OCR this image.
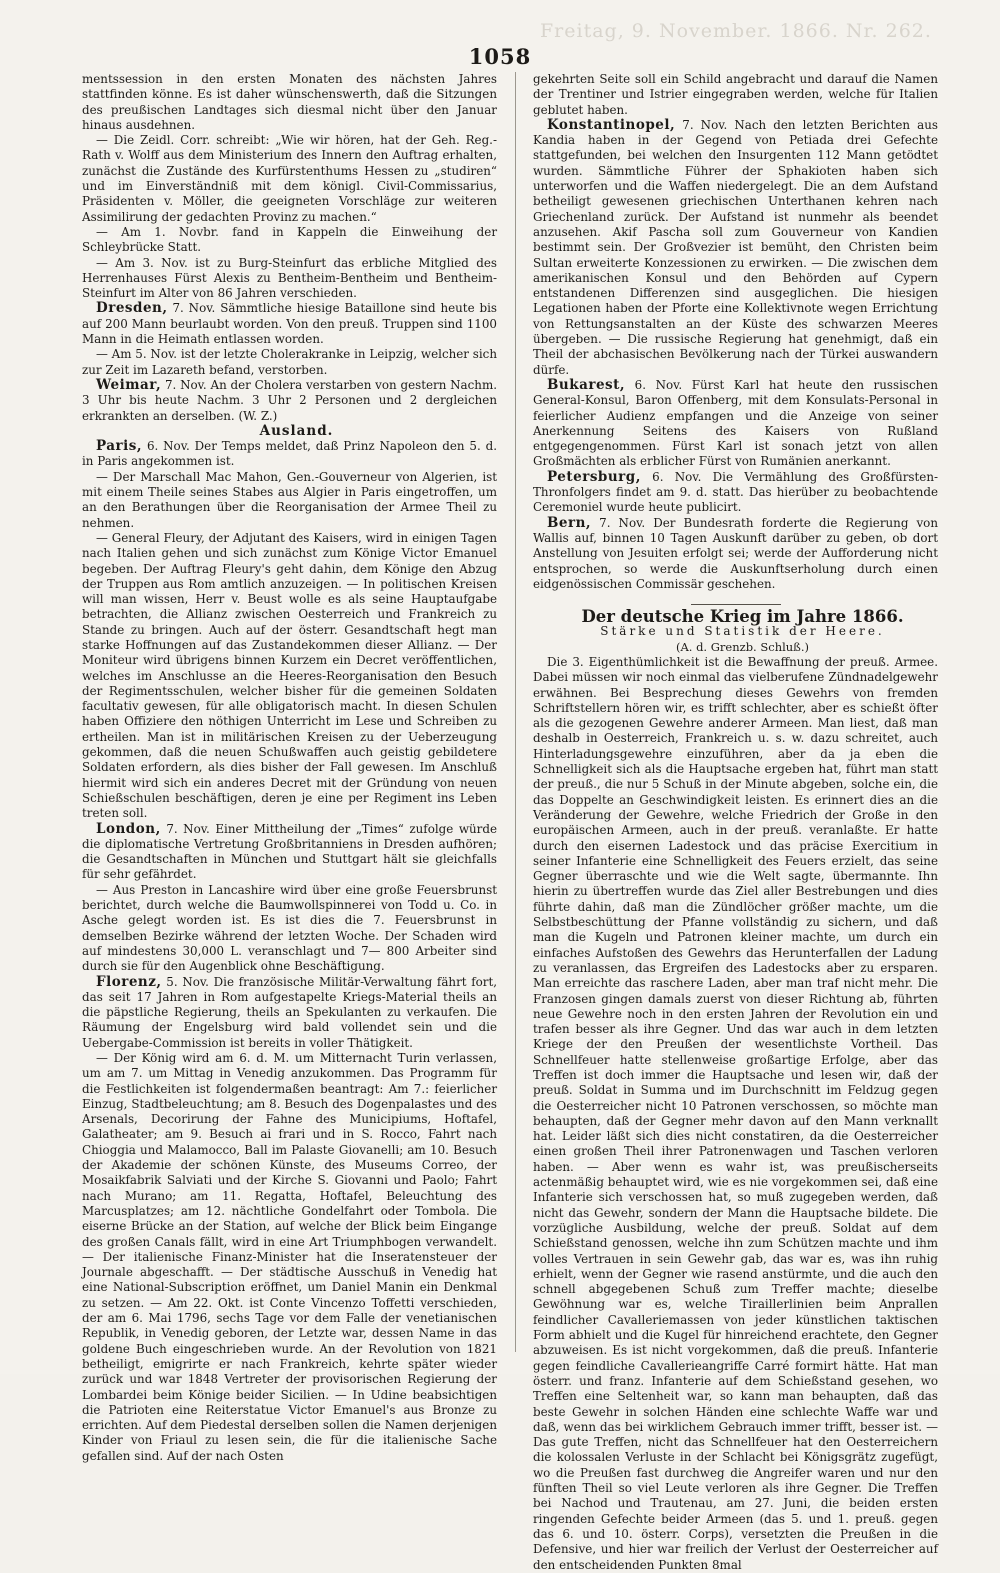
Freitag, 9. November. 1866. Nr. 262.
1058

mentssession in den ersten Monaten des nächsten Jahres stattfinden könne. Es ist daher wünschenswerth, daß die Sitzungen des preußischen Landtages sich diesmal nicht über den Januar hinaus ausdehnen.

— Die Zeidl. Corr. schreibt: „Wie wir hören, hat der Geh. Reg.-Rath v. Wolff aus dem Ministerium des Innern den Auftrag erhalten, zunächst die Zustände des Kurfürstenthums Hessen zu „studiren“ und im Einverständniß mit dem königl. Civil-Commissarius, Präsidenten v. Möller, die geeigneten Vorschläge zur weiteren Assimilirung der gedachten Provinz zu machen.“

— Am 1. Novbr. fand in Kappeln die Einweihung der Schleybrücke Statt.

— Am 3. Nov. ist zu Burg-Steinfurt das erbliche Mitglied des Herrenhauses Fürst Alexis zu Bentheim-Bentheim und Bentheim-Steinfurt im Alter von 86 Jahren verschieden.

Dresden, 7. Nov. Sämmtliche hiesige Bataillone sind heute bis auf 200 Mann beurlaubt worden. Von den preuß. Truppen sind 1100 Mann in die Heimath entlassen worden.

— Am 5. Nov. ist der letzte Cholerakranke in Leipzig, welcher sich zur Zeit im Lazareth befand, verstorben.

Weimar, 7. Nov. An der Cholera verstarben von gestern Nachm. 3 Uhr bis heute Nachm. 3 Uhr 2 Personen und 2 dergleichen erkrankten an derselben. (W. Z.)

Ausland.

Paris, 6. Nov. Der Temps meldet, daß Prinz Napoleon den 5. d. in Paris angekommen ist.

— Der Marschall Mac Mahon, Gen.-Gouverneur von Algerien, ist mit einem Theile seines Stabes aus Algier in Paris eingetroffen, um an den Berathungen über die Reorganisation der Armee Theil zu nehmen.

— General Fleury, der Adjutant des Kaisers, wird in einigen Tagen nach Italien gehen und sich zunächst zum Könige Victor Emanuel begeben. Der Auftrag Fleury's geht dahin, dem Könige den Abzug der Truppen aus Rom amtlich anzuzeigen. — In politischen Kreisen will man wissen, Herr v. Beust wolle es als seine Hauptaufgabe betrachten, die Allianz zwischen Oesterreich und Frankreich zu Stande zu bringen. Auch auf der österr. Gesandtschaft hegt man starke Hoffnungen auf das Zustandekommen dieser Allianz. — Der Moniteur wird übrigens binnen Kurzem ein Decret veröffentlichen, welches im Anschlusse an die Heeres-Reorganisation den Besuch der Regimentsschulen, welcher bisher für die gemeinen Soldaten facultativ gewesen, für alle obligatorisch macht. In diesen Schulen haben Offiziere den nöthigen Unterricht im Lese und Schreiben zu ertheilen. Man ist in militärischen Kreisen zu der Ueberzeugung gekommen, daß die neuen Schußwaffen auch geistig gebildetere Soldaten erfordern, als dies bisher der Fall gewesen. Im Anschluß hiermit wird sich ein anderes Decret mit der Gründung von neuen Schießschulen beschäftigen, deren je eine per Regiment ins Leben treten soll.

London, 7. Nov. Einer Mittheilung der „Times“ zufolge würde die diplomatische Vertretung Großbritanniens in Dresden aufhören; die Gesandtschaften in München und Stuttgart hält sie gleichfalls für sehr gefährdet.

— Aus Preston in Lancashire wird über eine große Feuersbrunst berichtet, durch welche die Baumwollspinnerei von Todd u. Co. in Asche gelegt worden ist. Es ist dies die 7. Feuersbrunst in demselben Bezirke während der letzten Woche. Der Schaden wird auf mindestens 30,000 L. veranschlagt und 7— 800 Arbeiter sind durch sie für den Augenblick ohne Beschäftigung.

Florenz, 5. Nov. Die französische Militär-Verwaltung fährt fort, das seit 17 Jahren in Rom aufgestapelte Kriegs-Material theils an die päpstliche Regierung, theils an Spekulanten zu verkaufen. Die Räumung der Engelsburg wird bald vollendet sein und die Uebergabe-Commission ist bereits in voller Thätigkeit.

— Der König wird am 6. d. M. um Mitternacht Turin verlassen, um am 7. um Mittag in Venedig anzukommen. Das Programm für die Festlichkeiten ist folgendermaßen beantragt: Am 7.: feierlicher Einzug, Stadtbeleuchtung; am 8. Besuch des Dogenpalastes und des Arsenals, Decorirung der Fahne des Municipiums, Hoftafel, Galatheater; am 9. Besuch ai frari und in S. Rocco, Fahrt nach Chioggia und Malamocco, Ball im Palaste Giovanelli; am 10. Besuch der Akademie der schönen Künste, des Museums Correo, der Mosaikfabrik Salviati und der Kirche S. Giovanni und Paolo; Fahrt nach Murano; am 11. Regatta, Hoftafel, Beleuchtung des Marcusplatzes; am 12. nächtliche Gondelfahrt oder Tombola. Die eiserne Brücke an der Station, auf welche der Blick beim Eingange des großen Canals fällt, wird in eine Art Triumphbogen verwandelt. — Der italienische Finanz-Minister hat die Inseratensteuer der Journale abgeschafft. — Der städtische Ausschuß in Venedig hat eine National-Subscription eröffnet, um Daniel Manin ein Denkmal zu setzen. — Am 22. Okt. ist Conte Vincenzo Toffetti verschieden, der am 6. Mai 1796, sechs Tage vor dem Falle der venetianischen Republik, in Venedig geboren, der Letzte war, dessen Name in das goldene Buch eingeschrieben wurde. An der Revolution von 1821 betheiligt, emigrirte er nach Frankreich, kehrte später wieder zurück und war 1848 Vertreter der provisorischen Regierung der Lombardei beim Könige beider Sicilien. — In Udine beabsichtigen die Patrioten eine Reiterstatue Victor Emanuel's aus Bronze zu errichten. Auf dem Piedestal derselben sollen die Namen derjenigen Kinder von Friaul zu lesen sein, die für die italienische Sache gefallen sind. Auf der nach Osten

gekehrten Seite soll ein Schild angebracht und darauf die Namen der Trentiner und Istrier eingegraben werden, welche für Italien geblutet haben.

Konstantinopel, 7. Nov. Nach den letzten Berichten aus Kandia haben in der Gegend von Petiada drei Gefechte stattgefunden, bei welchen den Insurgenten 112 Mann getödtet wurden. Sämmtliche Führer der Sphakioten haben sich unterworfen und die Waffen niedergelegt. Die an dem Aufstand betheiligt gewesenen griechischen Unterthanen kehren nach Griechenland zurück. Der Aufstand ist nunmehr als beendet anzusehen. Akif Pascha soll zum Gouverneur von Kandien bestimmt sein. Der Großvezier ist bemüht, den Christen beim Sultan erweiterte Konzessionen zu erwirken. — Die zwischen dem amerikanischen Konsul und den Behörden auf Cypern entstandenen Differenzen sind ausgeglichen. Die hiesigen Legationen haben der Pforte eine Kollektivnote wegen Errichtung von Rettungsanstalten an der Küste des schwarzen Meeres übergeben. — Die russische Regierung hat genehmigt, daß ein Theil der abchasischen Bevölkerung nach der Türkei auswandern dürfe.

Bukarest, 6. Nov. Fürst Karl hat heute den russischen General-Konsul, Baron Offenberg, mit dem Konsulats-Personal in feierlicher Audienz empfangen und die Anzeige von seiner Anerkennung Seitens des Kaisers von Rußland entgegengenommen. Fürst Karl ist sonach jetzt von allen Großmächten als erblicher Fürst von Rumänien anerkannt.

Petersburg, 6. Nov. Die Vermählung des Großfürsten-Thronfolgers findet am 9. d. statt. Das hierüber zu beobachtende Ceremoniel wurde heute publicirt.

Bern, 7. Nov. Der Bundesrath forderte die Regierung von Wallis auf, binnen 10 Tagen Auskunft darüber zu geben, ob dort Anstellung von Jesuiten erfolgt sei; werde der Aufforderung nicht entsprochen, so werde die Auskunftserholung durch einen eidgenössischen Commissär geschehen.

Der deutsche Krieg im Jahre 1866.

Stärke und Statistik der Heere.

(A. d. Grenzb. Schluß.)

Die 3. Eigenthümlichkeit ist die Bewaffnung der preuß. Armee. Dabei müssen wir noch einmal das vielberufene Zündnadelgewehr erwähnen. Bei Besprechung dieses Gewehrs von fremden Schriftstellern hören wir, es trifft schlechter, aber es schießt öfter als die gezogenen Gewehre anderer Armeen. Man liest, daß man deshalb in Oesterreich, Frankreich u. s. w. dazu schreitet, auch Hinterladungsgewehre einzuführen, aber da ja eben die Schnelligkeit sich als die Hauptsache ergeben hat, führt man statt der preuß., die nur 5 Schuß in der Minute abgeben, solche ein, die das Doppelte an Geschwindigkeit leisten. Es erinnert dies an die Veränderung der Gewehre, welche Friedrich der Große in den europäischen Armeen, auch in der preuß. veranlaßte. Er hatte durch den eisernen Ladestock und das präcise Exercitium in seiner Infanterie eine Schnelligkeit des Feuers erzielt, das seine Gegner überraschte und wie die Welt sagte, übermannte. Ihn hierin zu übertreffen wurde das Ziel aller Bestrebungen und dies führte dahin, daß man die Zündlöcher größer machte, um die Selbstbeschüttung der Pfanne vollständig zu sichern, und daß man die Kugeln und Patronen kleiner machte, um durch ein einfaches Aufstoßen des Gewehrs das Herunterfallen der Ladung zu veranlassen, das Ergreifen des Ladestocks aber zu ersparen. Man erreichte das raschere Laden, aber man traf nicht mehr. Die Franzosen gingen damals zuerst von dieser Richtung ab, führten neue Gewehre noch in den ersten Jahren der Revolution ein und trafen besser als ihre Gegner. Und das war auch in dem letzten Kriege der den Preußen der wesentlichste Vortheil. Das Schnellfeuer hatte stellenweise großartige Erfolge, aber das Treffen ist doch immer die Hauptsache und lesen wir, daß der preuß. Soldat in Summa und im Durchschnitt im Feldzug gegen die Oesterreicher nicht 10 Patronen verschossen, so möchte man behaupten, daß der Gegner mehr davon auf den Mann verknallt hat. Leider läßt sich dies nicht constatiren, da die Oesterreicher einen großen Theil ihrer Patronenwagen und Taschen verloren haben. — Aber wenn es wahr ist, was preußischerseits actenmäßig behauptet wird, wie es nie vorgekommen sei, daß eine Infanterie sich verschossen hat, so muß zugegeben werden, daß nicht das Gewehr, sondern der Mann die Hauptsache bildete. Die vorzügliche Ausbildung, welche der preuß. Soldat auf dem Schießstand genossen, welche ihn zum Schützen machte und ihm volles Vertrauen in sein Gewehr gab, das war es, was ihn ruhig erhielt, wenn der Gegner wie rasend anstürmte, und die auch den schnell abgegebenen Schuß zum Treffer machte; dieselbe Gewöhnung war es, welche Tiraillerlinien beim Anprallen feindlicher Cavalleriemassen von jeder künstlichen taktischen Form abhielt und die Kugel für hinreichend erachtete, den Gegner abzuweisen. Es ist nicht vorgekommen, daß die preuß. Infanterie gegen feindliche Cavallerieangriffe Carré formirt hätte. Hat man österr. und franz. Infanterie auf dem Schießstand gesehen, wo Treffen eine Seltenheit war, so kann man behaupten, daß das beste Gewehr in solchen Händen eine schlechte Waffe war und daß, wenn das bei wirklichem Gebrauch immer trifft, besser ist. — Das gute Treffen, nicht das Schnellfeuer hat den Oesterreichern die kolossalen Verluste in der Schlacht bei Königsgrätz zugefügt, wo die Preußen fast durchweg die Angreifer waren und nur den fünften Theil so viel Leute verloren als ihre Gegner. Die Treffen bei Nachod und Trautenau, am 27. Juni, die beiden ersten ringenden Gefechte beider Armeen (das 5. und 1. preuß. gegen das 6. und 10. österr. Corps), versetzten die Preußen in die Defensive, und hier war freilich der Verlust der Oesterreicher auf den entscheidenden Punkten 8mal
